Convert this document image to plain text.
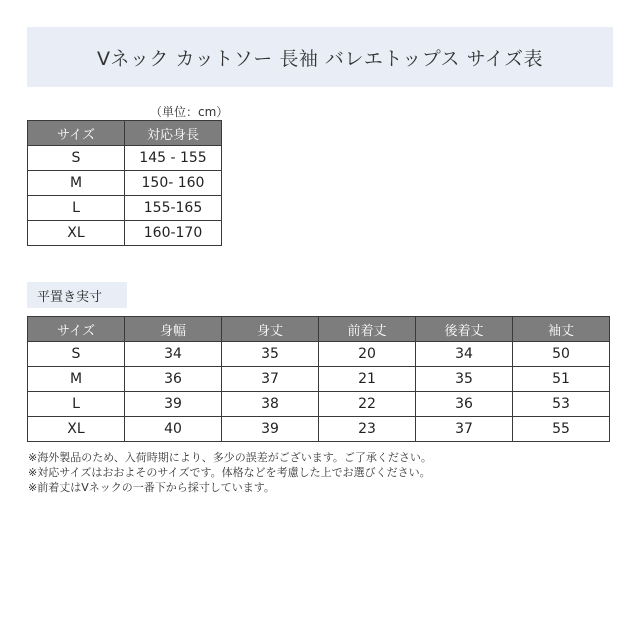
Vネック カットソー 長袖 バレエトップス サイズ表
（単位：cm）
サイズ	対応身長
S	145 - 155
M	150- 160
L	155-165
XL	160-170
平置き実寸
サイズ	身幅	身丈	前着丈	後着丈	袖丈
S	34	35	20	34	50
M	36	37	21	35	51
L	39	38	22	36	53
XL	40	39	23	37	55
※海外製品のため、入荷時期により、多少の誤差がございます。ご了承ください。
※対応サイズはおおよそのサイズです。体格などを考慮した上でお選びください。
※前着丈はVネックの一番下から採寸しています。
